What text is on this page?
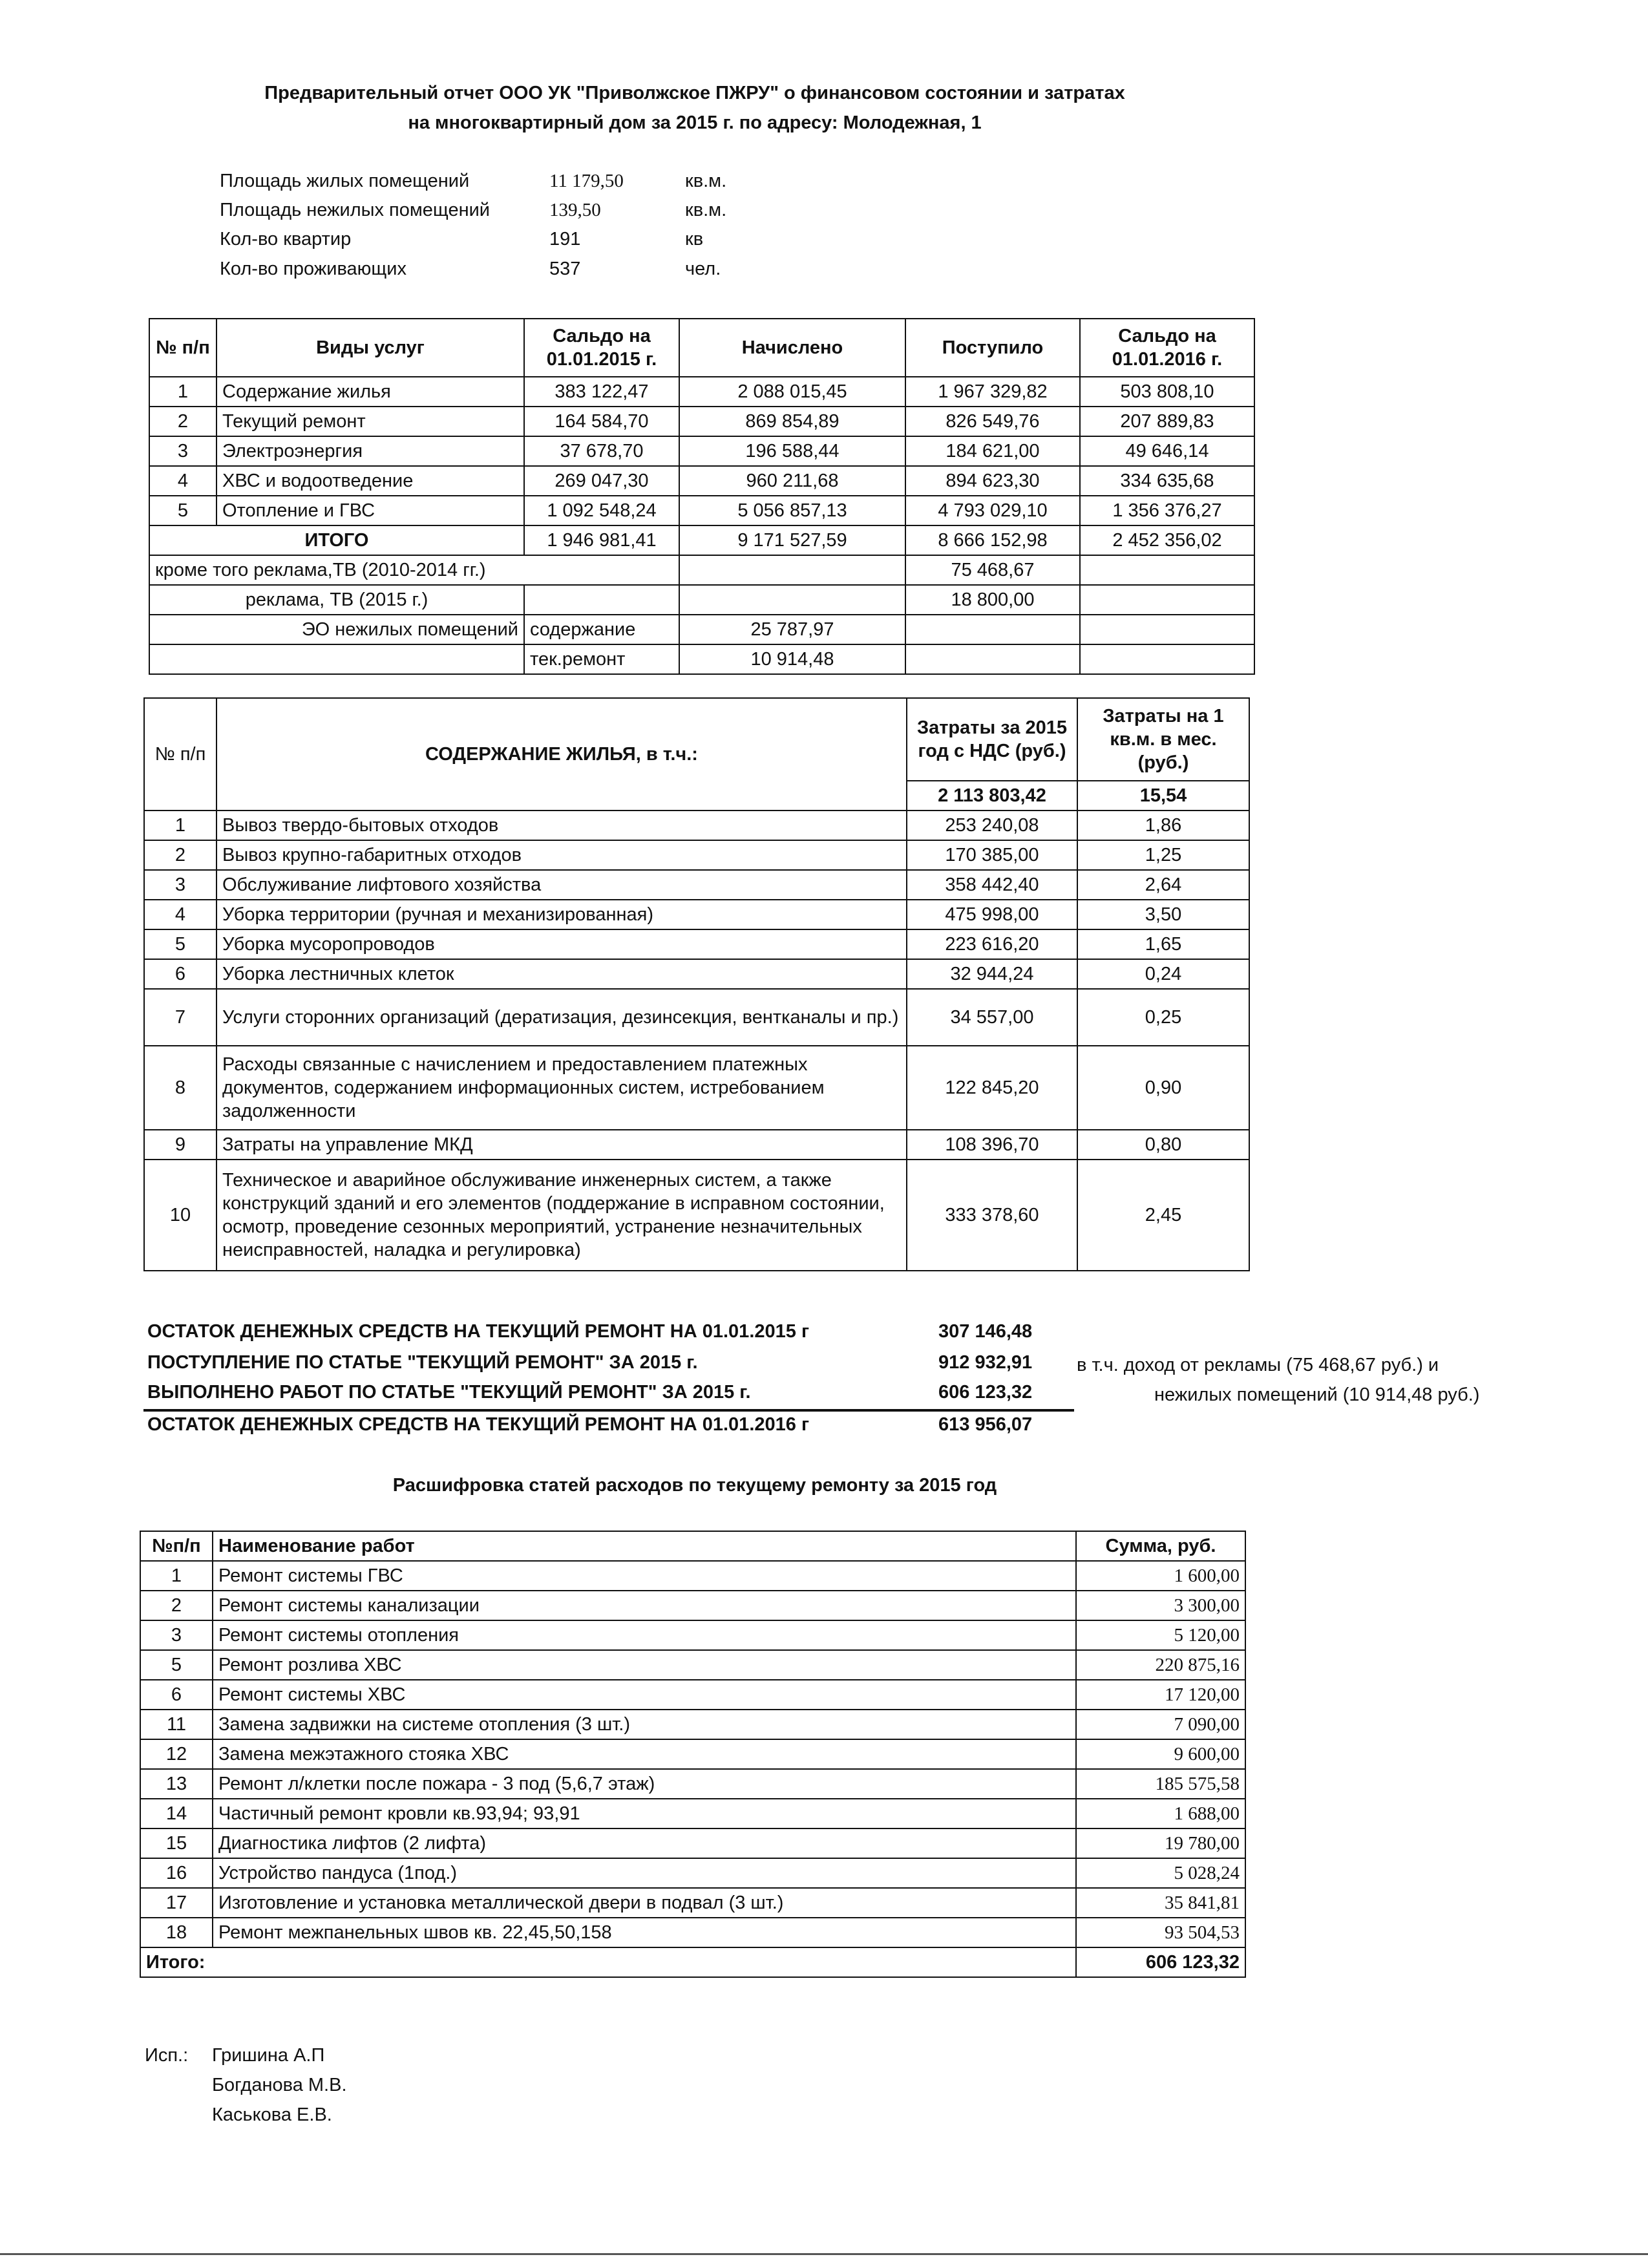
Предварительный отчет ООО УК "Приволжское ПЖРУ" о финансовом состоянии и затратах
на многоквартирный дом за 2015 г. по адресу: Молодежная, 1
Площадь жилых помещений	11 179,50	кв.м.
Площадь нежилых помещений	139,50	кв.м.
Кол-во квартир	191	кв
Кол-во проживающих	537	чел.
№ п/п	Виды услуг	Сальдо на 01.01.2015 г.	Начислено	Поступило	Сальдо на 01.01.2016 г.
1	Содержание жилья	383 122,47	2 088 015,45	1 967 329,82	503 808,10
2	Текущий ремонт	164 584,70	869 854,89	826 549,76	207 889,83
3	Электроэнергия	37 678,70	196 588,44	184 621,00	49 646,14
4	ХВС и водоотведение	269 047,30	960 211,68	894 623,30	334 635,68
5	Отопление и ГВС	1 092 548,24	5 056 857,13	4 793 029,10	1 356 376,27
ИТОГО		1 946 981,41	9 171 527,59	8 666 152,98	2 452 356,02
кроме того реклама,ТВ (2010-2014 гг.)				75 468,67	
реклама, ТВ (2015 г.)				18 800,00	
ЭО нежилых помещений		содержание	25 787,97		
		тек.ремонт	10 914,48		
№ п/п	СОДЕРЖАНИЕ ЖИЛЬЯ, в т.ч.:	Затраты за 2015 год с НДС (руб.)	Затраты на 1 кв.м. в мес. (руб.)
		2 113 803,42	15,54
1	Вывоз твердо-бытовых отходов	253 240,08	1,86
2	Вывоз крупно-габаритных отходов	170 385,00	1,25
3	Обслуживание лифтового хозяйства	358 442,40	2,64
4	Уборка территории (ручная и механизированная)	475 998,00	3,50
5	Уборка мусоропроводов	223 616,20	1,65
6	Уборка лестничных клеток	32 944,24	0,24
7	Услуги сторонних организаций (дератизация, дезинсекция, вентканалы и пр.)	34 557,00	0,25
8	Расходы связанные с начислением и предоставлением платежных документов, содержанием информационных систем, истребованием задолженности	122 845,20	0,90
9	Затраты на управление МКД	108 396,70	0,80
10	Техническое и аварийное обслуживание инженерных систем, а также конструкций зданий и его элементов (поддержание в исправном состоянии, осмотр, проведение сезонных мероприятий, устранение незначительных неисправностей, наладка и регулировка)	333 378,60	2,45
ОСТАТОК ДЕНЕЖНЫХ СРЕДСТВ НА ТЕКУЩИЙ РЕМОНТ НА 01.01.2015 г	307 146,48
ПОСТУПЛЕНИЕ ПО СТАТЬЕ "ТЕКУЩИЙ РЕМОНТ" ЗА 2015 г.	912 932,91
ВЫПОЛНЕНО РАБОТ ПО СТАТЬЕ "ТЕКУЩИЙ РЕМОНТ" ЗА 2015 г.	606 123,32
ОСТАТОК ДЕНЕЖНЫХ СРЕДСТВ НА ТЕКУЩИЙ РЕМОНТ НА 01.01.2016 г	613 956,07
в т.ч. доход от рекламы (75 468,67 руб.) и
нежилых помещений (10 914,48 руб.)
Расшифровка статей расходов по текущему ремонту за 2015 год
№п/п	Наименование работ	Сумма, руб.
1	Ремонт системы ГВС	1 600,00
2	Ремонт системы канализации	3 300,00
3	Ремонт системы отопления	5 120,00
5	Ремонт розлива ХВС	220 875,16
6	Ремонт системы ХВС	17 120,00
11	Замена задвижки на системе отопления (3 шт.)	7 090,00
12	Замена межэтажного стояка ХВС	9 600,00
13	Ремонт л/клетки после пожара - 3 под (5,6,7 этаж)	185 575,58
14	Частичный ремонт кровли кв.93,94; 93,91	1 688,00
15	Диагностика лифтов (2 лифта)	19 780,00
16	Устройство пандуса (1под.)	5 028,24
17	Изготовление и установка металлической двери в подвал (3 шт.)	35 841,81
18	Ремонт межпанельных швов кв. 22,45,50,158	93 504,53
Итого:		606 123,32
Исп.: Гришина А.П
Богданова М.В.
Каськова Е.В.
